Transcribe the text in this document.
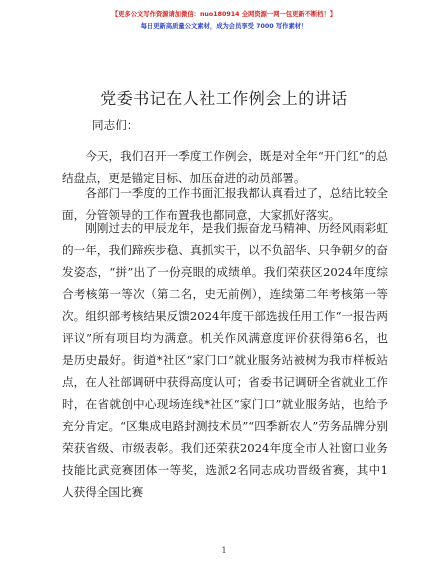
【更多公文写作资源请加微信：nuo180914 全网资源一网一包更新不断档！】
每日更新高质量公文素材，成为会员享受 7000 写作素材！
党委书记在人社工作例会上的讲话
同志们：

今天，我们召开一季度工作例会，既是对全年“开门红”的总结盘点，更是锚定目标、加压奋进的动员部署。

各部门一季度的工作书面汇报我都认真看过了，总结比较全面，分管领导的工作布置我也都同意，大家抓好落实。

刚刚过去的甲辰龙年，是我们振奋龙马精神、历经风雨彩虹的一年，我们蹄疾步稳、真抓实干，以不负韶华、只争朝夕的奋发姿态，“拼”出了一份亮眼的成绩单。我们荣获区2024年度综合考核第一等次（第二名，史无前例），连续第二年考核第一等次。组织部考核结果反馈2024年度干部选拔任用工作“一报告两评议”所有项目均为满意。机关作风满意度评价获得第6名，也是历史最好。街道*社区“家门口”就业服务站被树为我市样板站点，在人社部调研中获得高度认可；省委书记调研全省就业工作时，在省就创中心现场连线*社区“家门口”就业服务站，也给予充分肯定。“区集成电路封测技术员”“四季新农人”劳务品牌分别荣获省级、市级表彰。我们还荣获2024年度全市人社窗口业务技能比武竞赛团体一等奖，选派2名同志成功晋级省赛，其中1人获得全国比赛

1
